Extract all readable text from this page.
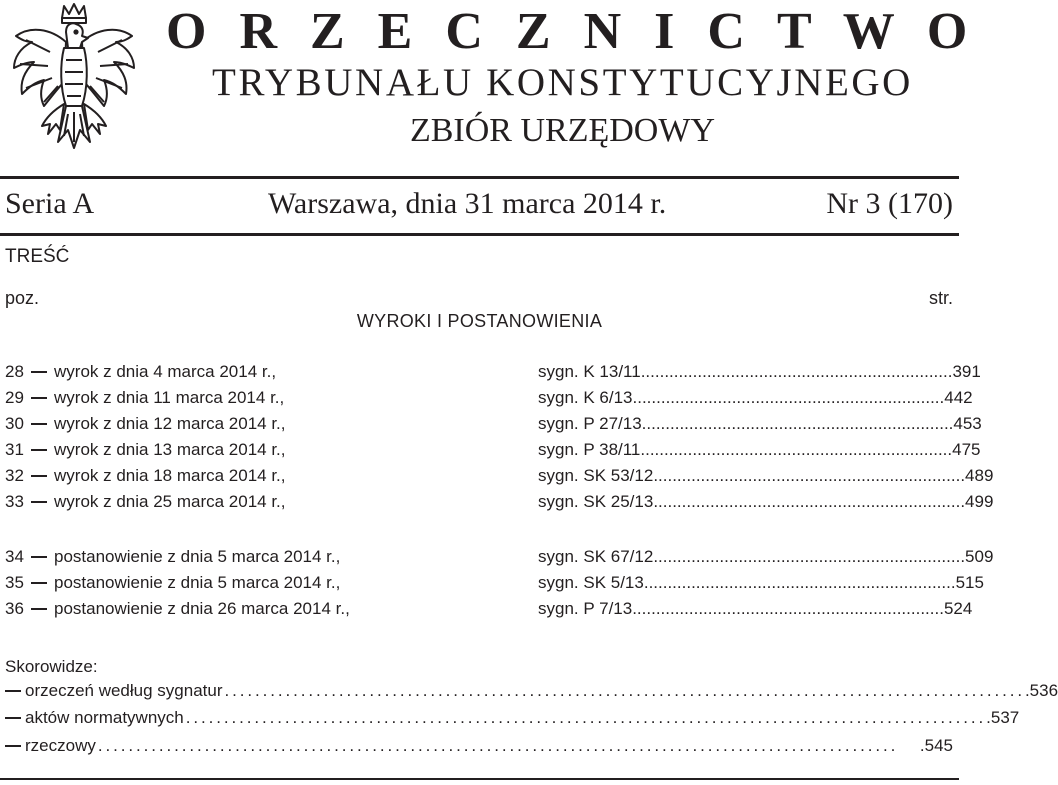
O R Z E C Z N I C T W O
TRYBUNAŁU KONSTYTUCYJNEGO
ZBIÓR URZĘDOWY
Seria A	Warszawa, dnia 31 marca 2014 r.	Nr 3 (170)
TREŚĆ
poz.	str.
WYROKI I POSTANOWIENIA
28 wyrok z dnia 4 marca 2014 r.,	sygn. K 13/11 .................................................................. 391
29 wyrok z dnia 11 marca 2014 r.,	sygn. K 6/13 .................................................................. 442
30 wyrok z dnia 12 marca 2014 r.,	sygn. P 27/13 .................................................................. 453
31 wyrok z dnia 13 marca 2014 r.,	sygn. P 38/11 .................................................................. 475
32 wyrok z dnia 18 marca 2014 r.,	sygn. SK 53/12 .................................................................. 489
33 wyrok z dnia 25 marca 2014 r.,	sygn. SK 25/13 .................................................................. 499
34 postanowienie z dnia 5 marca 2014 r.,	sygn. SK 67/12 .................................................................. 509
35 postanowienie z dnia 5 marca 2014 r.,	sygn. SK 5/13 .................................................................. 515
36 postanowienie z dnia 26 marca 2014 r.,	sygn. P 7/13 .................................................................. 524
Skorowidze:
orzeczeń według sygnatur ......................................................................................................... .536
aktów normatywnych ......................................................................................................... .537
rzeczowy .........................................................................................................	.545
